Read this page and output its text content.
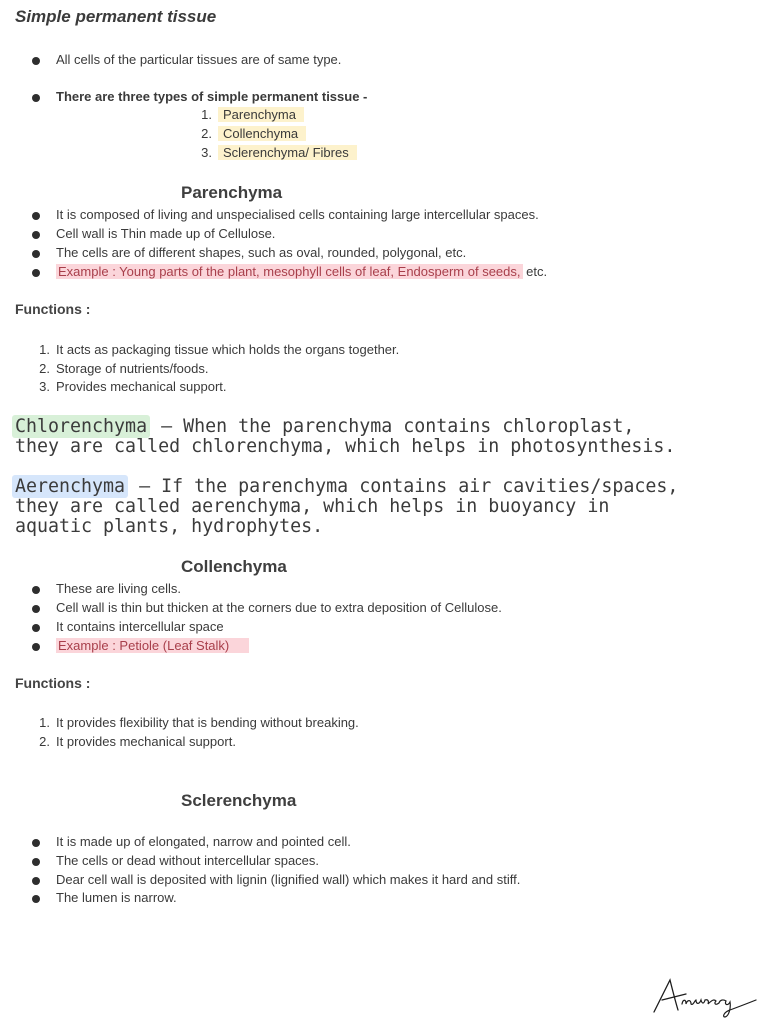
Simple permanent tissue
All cells of the particular tissues are of same type.
There are three types of simple permanent tissue -
1. Parenchyma
2. Collenchyma
3. Sclerenchyma/ Fibres
Parenchyma
It is composed of living and unspecialised cells containing large intercellular spaces.
Cell wall is Thin made up of Cellulose.
The cells are of different shapes, such as oval, rounded, polygonal, etc.
Example : Young parts of the plant, mesophyll cells of leaf, Endosperm of seeds, etc.
Functions :
1. It acts as packaging tissue which holds the organs together.
2. Storage of nutrients/foods.
3. Provides mechanical support.
Chlorenchyma – When the parenchyma contains chloroplast,
they are called chlorenchyma, which helps in photosynthesis.
Aerenchyma – If the parenchyma contains air cavities/spaces,
they are called aerenchyma, which helps in buoyancy in
aquatic plants, hydrophytes.
Collenchyma
These are living cells.
Cell wall is thin but thicken at the corners due to extra deposition of Cellulose.
It contains intercellular space
Example : Petiole (Leaf Stalk)
Functions :
1. It provides flexibility that is bending without breaking.
2. It provides mechanical support.
Sclerenchyma
It is made up of elongated, narrow and pointed cell.
The cells or dead without intercellular spaces.
Dear cell wall is deposited with lignin (lignified wall) which makes it hard and stiff.
The lumen is narrow.
